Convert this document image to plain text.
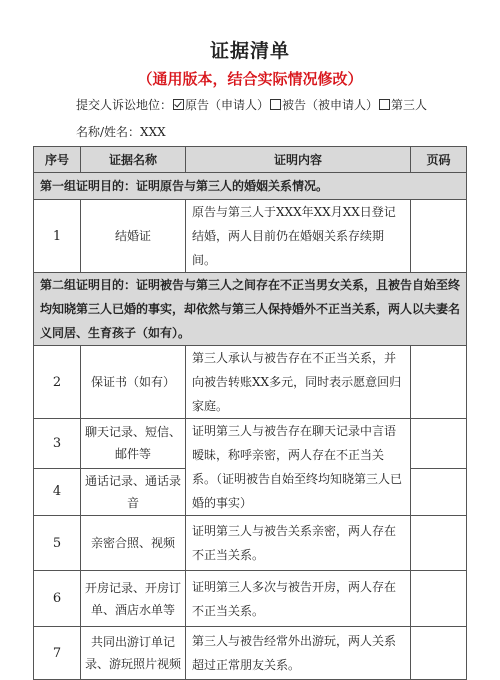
证据清单
（通用版本，结合实际情况修改）
提交人诉讼地位： 原告（申请人） 被告（被申请人） 第三人
名称/姓名：XXX
序号	证据名称	证明内容	页码
第一组证明目的：证明原告与第三人的婚姻关系情况。			
1	结婚证	原告与第三人于XXX年XX月XX日登记结婚，两人目前仍在婚姻关系存续期间。	
第二组证明目的：证明被告与第三人之间存在不正当男女关系，且被告自始至终均知晓第三人已婚的事实，却依然与第三人保持婚外不正当关系，两人以夫妻名义同居、生育孩子（如有）。			
2	保证书（如有）	第三人承认与被告存在不正当关系，并向被告转账XX多元，同时表示愿意回归家庭。	
3	聊天记录、短信、邮件等	证明第三人与被告存在聊天记录中言语暧昧，称呼亲密，两人存在不正当关系。（证明被告自始至终均知晓第三人已婚的事实）	
4	通话记录、通话录音		
5	亲密合照、视频	证明第三人与被告关系亲密，两人存在不正当关系。	
6	开房记录、开房订单、酒店水单等	证明第三人多次与被告开房，两人存在不正当关系。	
7	共同出游订单记录、游玩照片视频	第三人与被告经常外出游玩，两人关系超过正常朋友关系。	
